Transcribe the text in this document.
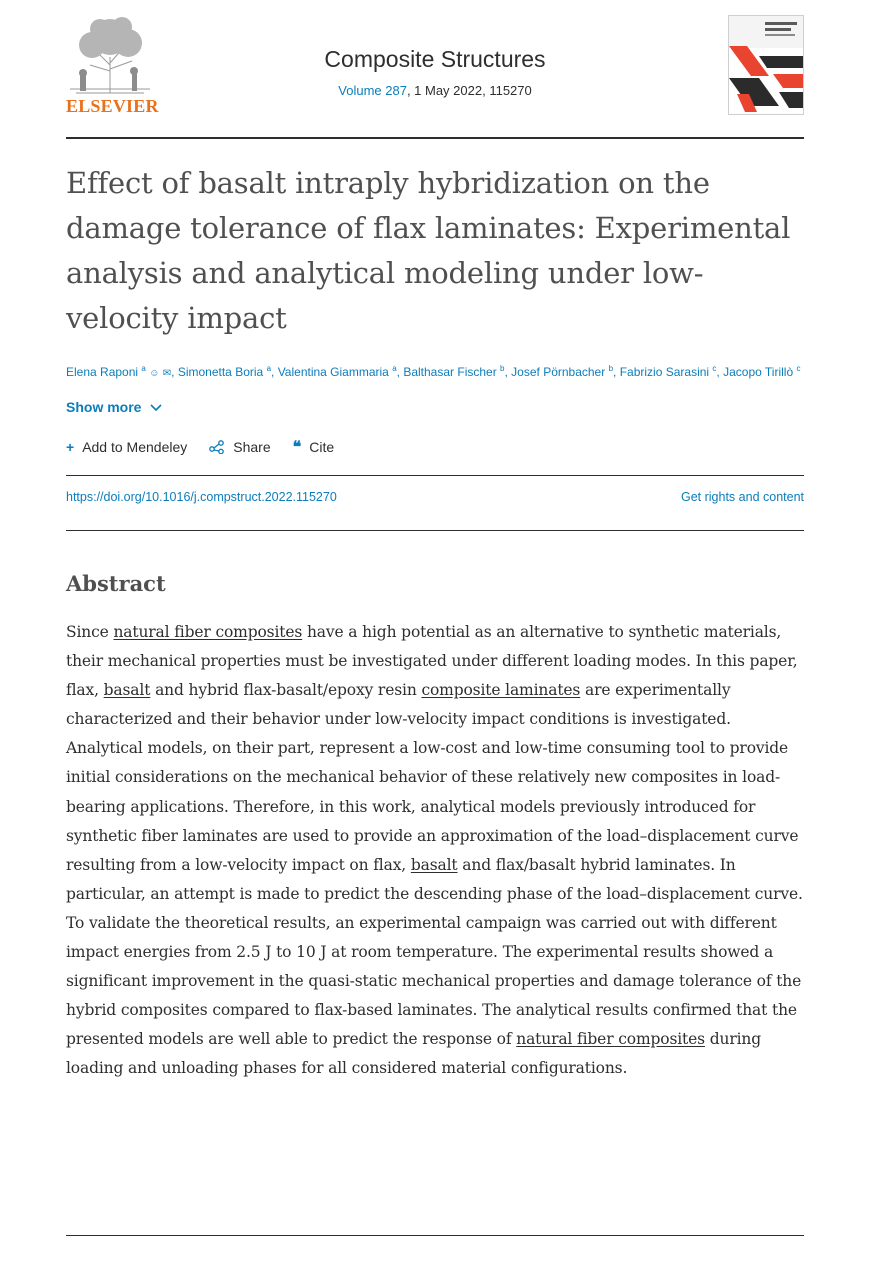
ELSEVIER
Composite Structures
Volume 287, 1 May 2022, 115270
Effect of basalt intraply hybridization on the damage tolerance of flax laminates: Experimental analysis and analytical modeling under low-velocity impact
Elena Raponi $^a$ ☺ ✉, Simonetta Boria $^a$, Valentina Giammaria $^a$, Balthasar Fischer $^b$, Josef Pörnbacher $^b$, Fabrizio Sarasini $^c$, Jacopo Tirillò $^c$
Show more
+ Add to Mendeley	Share ❝ Cite
https://doi.org/10.1016/j.compstruct.2022.115270	Get rights and content
Abstract
Since natural fiber composites have a high potential as an alternative to synthetic materials, their mechanical properties must be investigated under different loading modes. In this paper, flax, basalt and hybrid flax-basalt/epoxy resin composite laminates are experimentally characterized and their behavior under low-velocity impact conditions is investigated. Analytical models, on their part, represent a low-cost and low-time consuming tool to provide initial considerations on the mechanical behavior of these relatively new composites in load-bearing applications. Therefore, in this work, analytical models previously introduced for synthetic fiber laminates are used to provide an approximation of the load–displacement curve resulting from a low-velocity impact on flax, basalt and flax/basalt hybrid laminates. In particular, an attempt is made to predict the descending phase of the load–displacement curve. To validate the theoretical results, an experimental campaign was carried out with different impact energies from 2.5 J to 10 J at room temperature. The experimental results showed a significant improvement in the quasi-static mechanical properties and damage tolerance of the hybrid composites compared to flax-based laminates. The analytical results confirmed that the presented models are well able to predict the response of natural fiber composites during loading and unloading phases for all considered material configurations.
